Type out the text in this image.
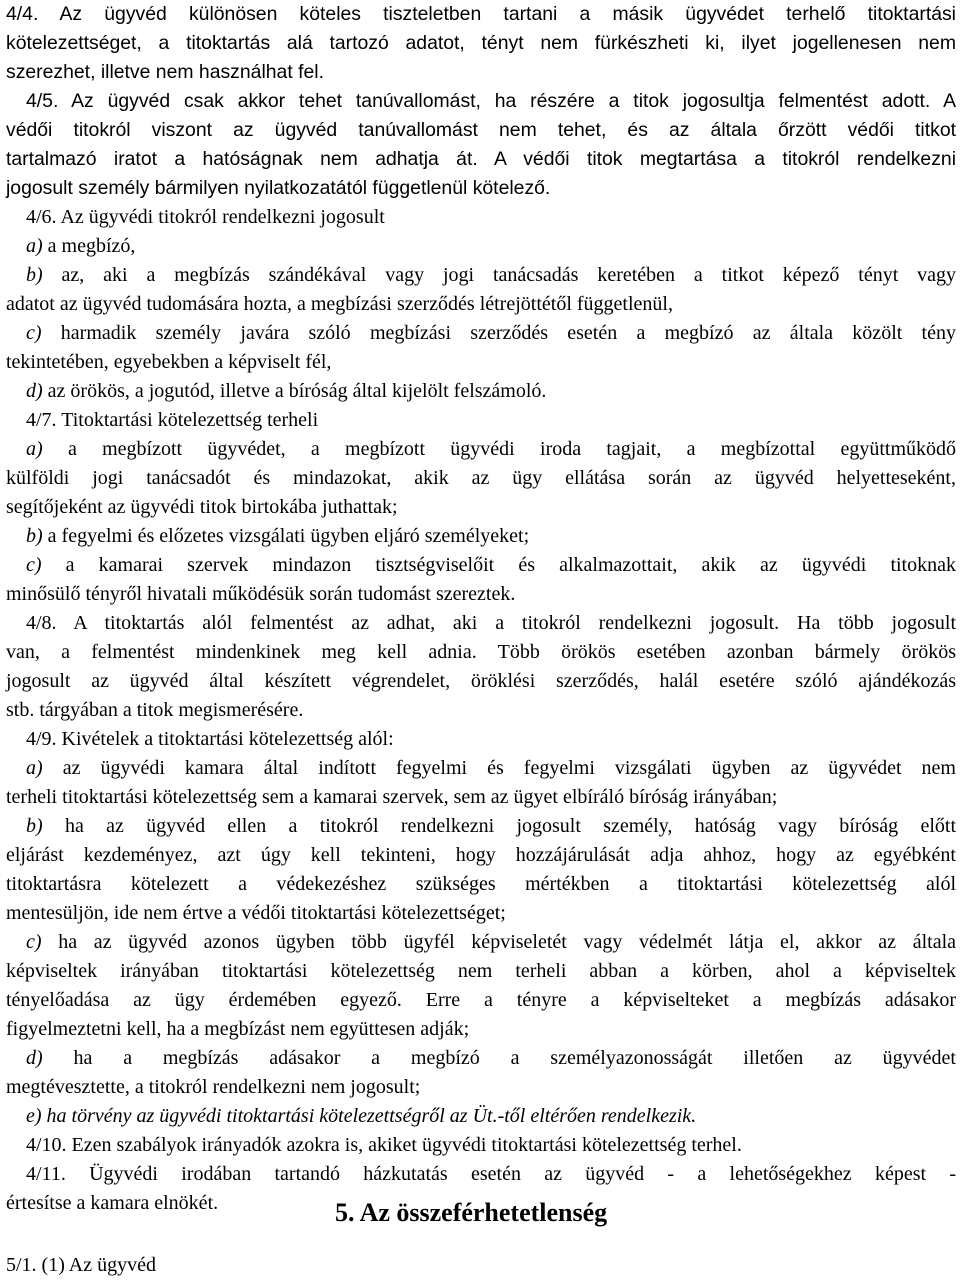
4/4. Az ügyvéd különösen köteles tiszteletben tartani a másik ügyvédet terhelő titoktartási
kötelezettséget, a titoktartás alá tartozó adatot, tényt nem fürkészheti ki, ilyet jogellenesen nem
szerezhet, illetve nem használhat fel.
4/5. Az ügyvéd csak akkor tehet tanúvallomást, ha részére a titok jogosultja felmentést adott. A
védői titokról viszont az ügyvéd tanúvallomást nem tehet, és az általa őrzött védői titkot
tartalmazó iratot a hatóságnak nem adhatja át. A védői titok megtartása a titokról rendelkezni
jogosult személy bármilyen nyilatkozatától függetlenül kötelező.
4/6. Az ügyvédi titokról rendelkezni jogosult
a) a megbízó,
b) az, aki a megbízás szándékával vagy jogi tanácsadás keretében a titkot képező tényt vagy
adatot az ügyvéd tudomására hozta, a megbízási szerződés létrejöttétől függetlenül,
c) harmadik személy javára szóló megbízási szerződés esetén a megbízó az általa közölt tény
tekintetében, egyebekben a képviselt fél,
d) az örökös, a jogutód, illetve a bíróság által kijelölt felszámoló.
4/7. Titoktartási kötelezettség terheli
a) a megbízott ügyvédet, a megbízott ügyvédi iroda tagjait, a megbízottal együttműködő
külföldi jogi tanácsadót és mindazokat, akik az ügy ellátása során az ügyvéd helyetteseként,
segítőjeként az ügyvédi titok birtokába juthattak;
b) a fegyelmi és előzetes vizsgálati ügyben eljáró személyeket;
c) a kamarai szervek mindazon tisztségviselőit és alkalmazottait, akik az ügyvédi titoknak
minősülő tényről hivatali működésük során tudomást szereztek.
4/8. A titoktartás alól felmentést az adhat, aki a titokról rendelkezni jogosult. Ha több jogosult
van, a felmentést mindenkinek meg kell adnia. Több örökös esetében azonban bármely örökös
jogosult az ügyvéd által készített végrendelet, öröklési szerződés, halál esetére szóló ajándékozás
stb. tárgyában a titok megismerésére.
4/9. Kivételek a titoktartási kötelezettség alól:
a) az ügyvédi kamara által indított fegyelmi és fegyelmi vizsgálati ügyben az ügyvédet nem
terheli titoktartási kötelezettség sem a kamarai szervek, sem az ügyet elbíráló bíróság irányában;
b) ha az ügyvéd ellen a titokról rendelkezni jogosult személy, hatóság vagy bíróság előtt
eljárást kezdeményez, azt úgy kell tekinteni, hogy hozzájárulását adja ahhoz, hogy az egyébként
titoktartásra kötelezett a védekezéshez szükséges mértékben a titoktartási kötelezettség alól
mentesüljön, ide nem értve a védői titoktartási kötelezettséget;
c) ha az ügyvéd azonos ügyben több ügyfél képviseletét vagy védelmét látja el, akkor az általa
képviseltek irányában titoktartási kötelezettség nem terheli abban a körben, ahol a képviseltek
tényelőadása az ügy érdemében egyező. Erre a tényre a képviselteket a megbízás adásakor
figyelmeztetni kell, ha a megbízást nem együttesen adják;
d) ha a megbízás adásakor a megbízó a személyazonosságát illetően az ügyvédet
megtévesztette, a titokról rendelkezni nem jogosult;
e) ha törvény az ügyvédi titoktartási kötelezettségről az Üt.-től eltérően rendelkezik.
4/10. Ezen szabályok irányadók azokra is, akiket ügyvédi titoktartási kötelezettség terhel.
4/11. Ügyvédi irodában tartandó házkutatás esetén az ügyvéd - a lehetőségekhez képest -
értesítse a kamara elnökét.	5. Az összeférhetetlenség
5/1. (1) Az ügyvéd
